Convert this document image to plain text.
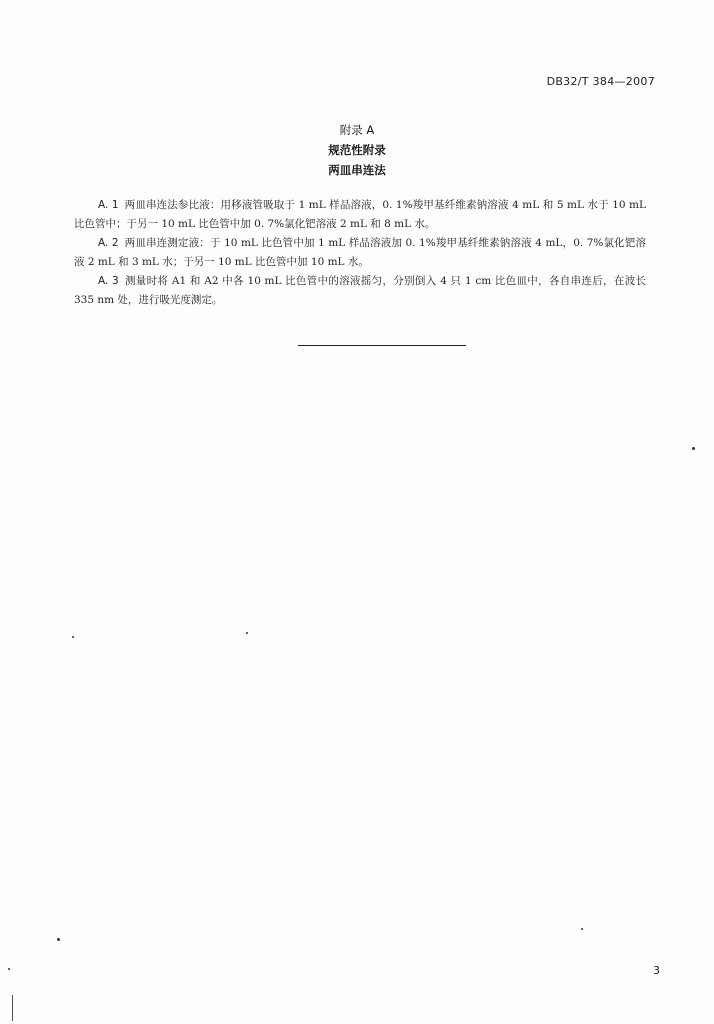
DB32/T 384—2007
附录 A
规范性附录
两皿串连法

A. 1 两皿串连法参比液：用移液管吸取于 1 mL 样品溶液，0. 1%羧甲基纤维素钠溶液 4 mL 和 5 mL 水于 10 mL 比色管中；于另一 10 mL 比色管中加 0. 7%氯化钯溶液 2 mL 和 8 mL 水。

A. 2 两皿串连测定液：于 10 mL 比色管中加 1 mL 样品溶液加 0. 1%羧甲基纤维素钠溶液 4 mL，0. 7%氯化钯溶液 2 mL 和 3 mL 水；于另一 10 mL 比色管中加 10 mL 水。

A. 3 测量时将 A1 和 A2 中各 10 mL 比色管中的溶液摇匀，分别倒入 4 只 1 cm 比色皿中，各自串连后，在波长 335 nm 处，进行吸光度测定。

3
